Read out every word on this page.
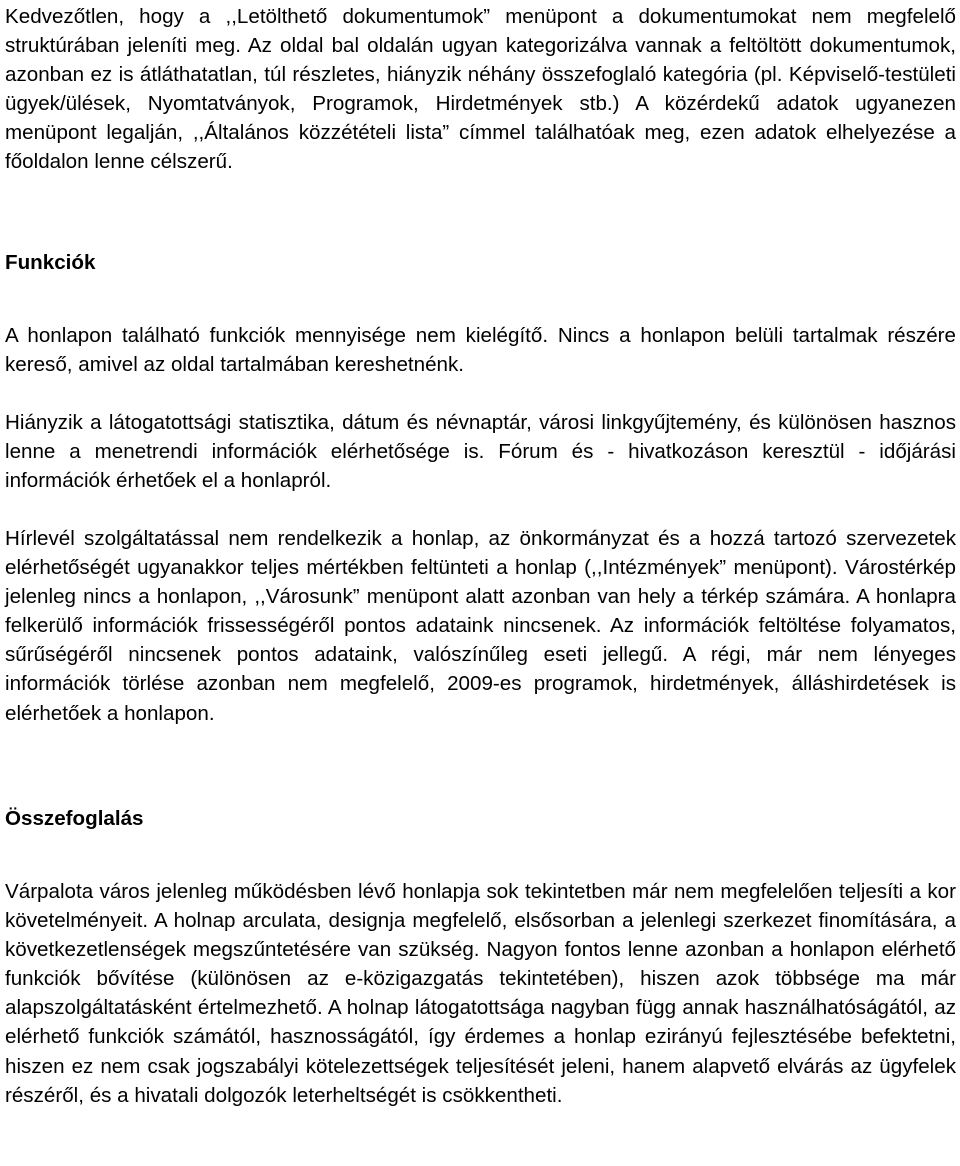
Kedvezőtlen, hogy a ,,Letölthető dokumentumok” menüpont a dokumentumokat nem megfelelő struktúrában jeleníti meg. Az oldal bal oldalán ugyan kategorizálva vannak a feltöltött dokumentumok, azonban ez is átláthatatlan, túl részletes, hiányzik néhány összefoglaló kategória (pl. Képviselő-testületi ügyek/ülések, Nyomtatványok, Programok, Hirdetmények stb.) A közérdekű adatok ugyanezen menüpont legalján, ,,Általános közzétételi lista” címmel találhatóak meg, ezen adatok elhelyezése a főoldalon lenne célszerű.

Funkciók

A honlapon található funkciók mennyisége nem kielégítő. Nincs a honlapon belüli tartalmak részére kereső, amivel az oldal tartalmában kereshetnénk.

Hiányzik a látogatottsági statisztika, dátum és névnaptár, városi linkgyűjtemény, és különösen hasznos lenne a menetrendi információk elérhetősége is. Fórum és - hivatkozáson keresztül - időjárási információk érhetőek el a honlapról.

Hírlevél szolgáltatással nem rendelkezik a honlap, az önkormányzat és a hozzá tartozó szervezetek elérhetőségét ugyanakkor teljes mértékben feltünteti a honlap (,,Intézmények” menüpont). Várostérkép jelenleg nincs a honlapon, ,,Városunk” menüpont alatt azonban van hely a térkép számára. A honlapra felkerülő információk frissességéről pontos adataink nincsenek. Az információk feltöltése folyamatos, sűrűségéről nincsenek pontos adataink, valószínűleg eseti jellegű. A régi, már nem lényeges információk törlése azonban nem megfelelő, 2009-es programok, hirdetmények, álláshirdetések is elérhetőek a honlapon.

Összefoglalás

Várpalota város jelenleg működésben lévő honlapja sok tekintetben már nem megfelelően teljesíti a kor követelményeit. A holnap arculata, designja megfelelő, elsősorban a jelenlegi szerkezet finomítására, a következetlenségek megszűntetésére van szükség. Nagyon fontos lenne azonban a honlapon elérhető funkciók bővítése (különösen az e-közigazgatás tekintetében), hiszen azok többsége ma már alapszolgáltatásként értelmezhető. A holnap látogatottsága nagyban függ annak használhatóságától, az elérhető funkciók számától, hasznosságától, így érdemes a honlap ezirányú fejlesztésébe befektetni, hiszen ez nem csak jogszabályi kötelezettségek teljesítését jeleni, hanem alapvető elvárás az ügyfelek részéről, és a hivatali dolgozók leterheltségét is csökkentheti.
